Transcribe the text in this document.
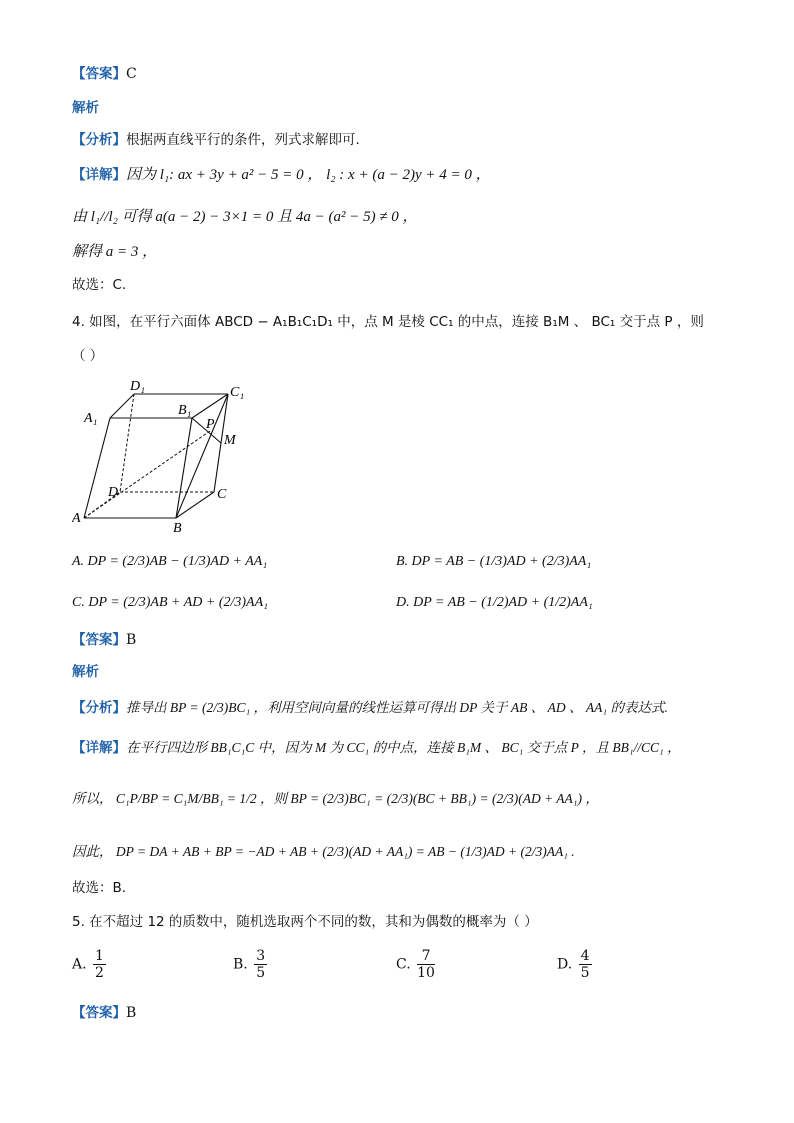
【答案】C
解析
【分析】根据两直线平行的条件，列式求解即可.
【详解】因为 l₁: ax + 3y + a² − 5 = 0 ， l₂ : x + (a − 2)y + 4 = 0 ，
由 l₁//l₂ 可得 a(a − 2) − 3×1 = 0 且 4a − (a² − 5) ≠ 0 ，
解得 a = 3 ，
故选：C.
4. 如图，在平行六面体 ABCD − A₁B₁C₁D₁ 中，点 M 是棱 CC₁ 的中点，连接 B₁M 、 BC₁ 交于点 P ，则
（ ）
A
B
C
D
A₁
B₁
C₁
D₁
P
M
A. DP = (2/3)AB − (1/3)AD + AA₁	B. DP = AB − (1/3)AD + (2/3)AA₁
C. DP = (2/3)AB + AD + (2/3)AA₁	D. DP = AB − (1/2)AD + (1/2)AA₁
【答案】B
解析
【分析】推导出 BP = (2/3)BC₁ ，利用空间向量的线性运算可得出 DP 关于 AB 、 AD 、 AA₁ 的表达式.
【详解】在平行四边形 BB₁C₁C 中，因为 M 为 CC₁ 的中点，连接 B₁M 、 BC₁ 交于点 P ，且 BB₁//CC₁ ，
所以， C₁P/BP = C₁M/BB₁ = 1/2 ，则 BP = (2/3)BC₁ = (2/3)(BC + BB₁) = (2/3)(AD + AA₁) ，
因此， DP = DA + AB + BP = −AD + AB + (2/3)(AD + AA₁) = AB − (1/3)AD + (2/3)AA₁ .
故选：B.
5. 在不超过 12 的质数中，随机选取两个不同的数，其和为偶数的概率为（ ）
A. $\frac{1}{2}$	B. $\frac{3}{5}$	C. $\frac{7}{10}$	D. $\frac{4}{5}$
【答案】B
